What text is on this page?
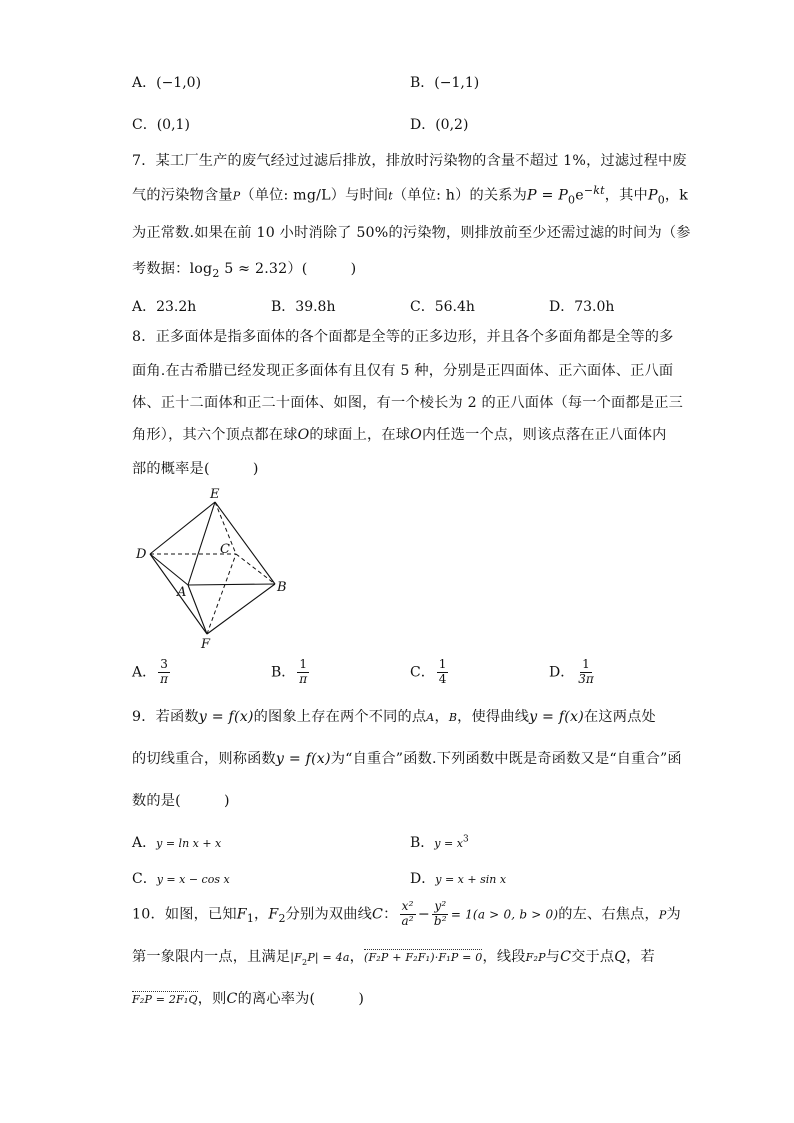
A．(−1,0)	B．(−1,1)
C．(0,1)	D．(0,2)
7．某工厂生产的废气经过过滤后排放，排放时污染物的含量不超过 1%，过滤过程中废
气的污染物含量P（单位: mg/L）与时间t（单位: h）的关系为$P = P_0e^{-kt}$，其中$P_0$，k
为正常数.如果在前 10 小时消除了 50%的污染物，则排放前至少还需过滤的时间为（参
考数据：$\log_2 5 \approx 2.32$）(　　　)
A．23.2h	B．39.8h	C．56.4h	D．73.0h
8．正多面体是指多面体的各个面都是全等的正多边形，并且各个多面角都是全等的多
面角.在古希腊已经发现正多面体有且仅有 5 种，分别是正四面体、正六面体、正八面
体、正十二面体和正二十面体、如图，有一个棱长为 2 的正八面体（每一个面都是正三
角形），其六个顶点都在球O的球面上，在球O内任选一个点，则该点落在正八面体内
部的概率是(　　　)
E
D	C
A	B
F
A． $\frac{3}{\pi}$	B． $\frac{1}{\pi}$	C． $\frac{1}{4}$	D． $\frac{1}{3\pi}$
9．若函数y = f(x)的图象上存在两个不同的点A，B，使得曲线y = f(x)在这两点处
的切线重合，则称函数y = f(x)为“自重合”函数.下列函数中既是奇函数又是“自重合”函
数的是(　　　)
A．y = ln x + x	B．$y = x^3$
C．y = x − cos x	D．y = x + sin x
10．如图，已知$F_1$，$F_2$分别为双曲线C： $\frac{\text{x²}}{\text{a²}} - \frac{\text{y²}}{\text{b²}} = 1(a > 0$, b > 0)的左、右焦点，P为
第一象限内一点，且满足$|F_2P| = 4a$，(F₂P + F₂F₁)·F₁P = 0，线段F₂P与C交于点Q，若
F₂P = 2F₁Q，则C的离心率为(　　　)
